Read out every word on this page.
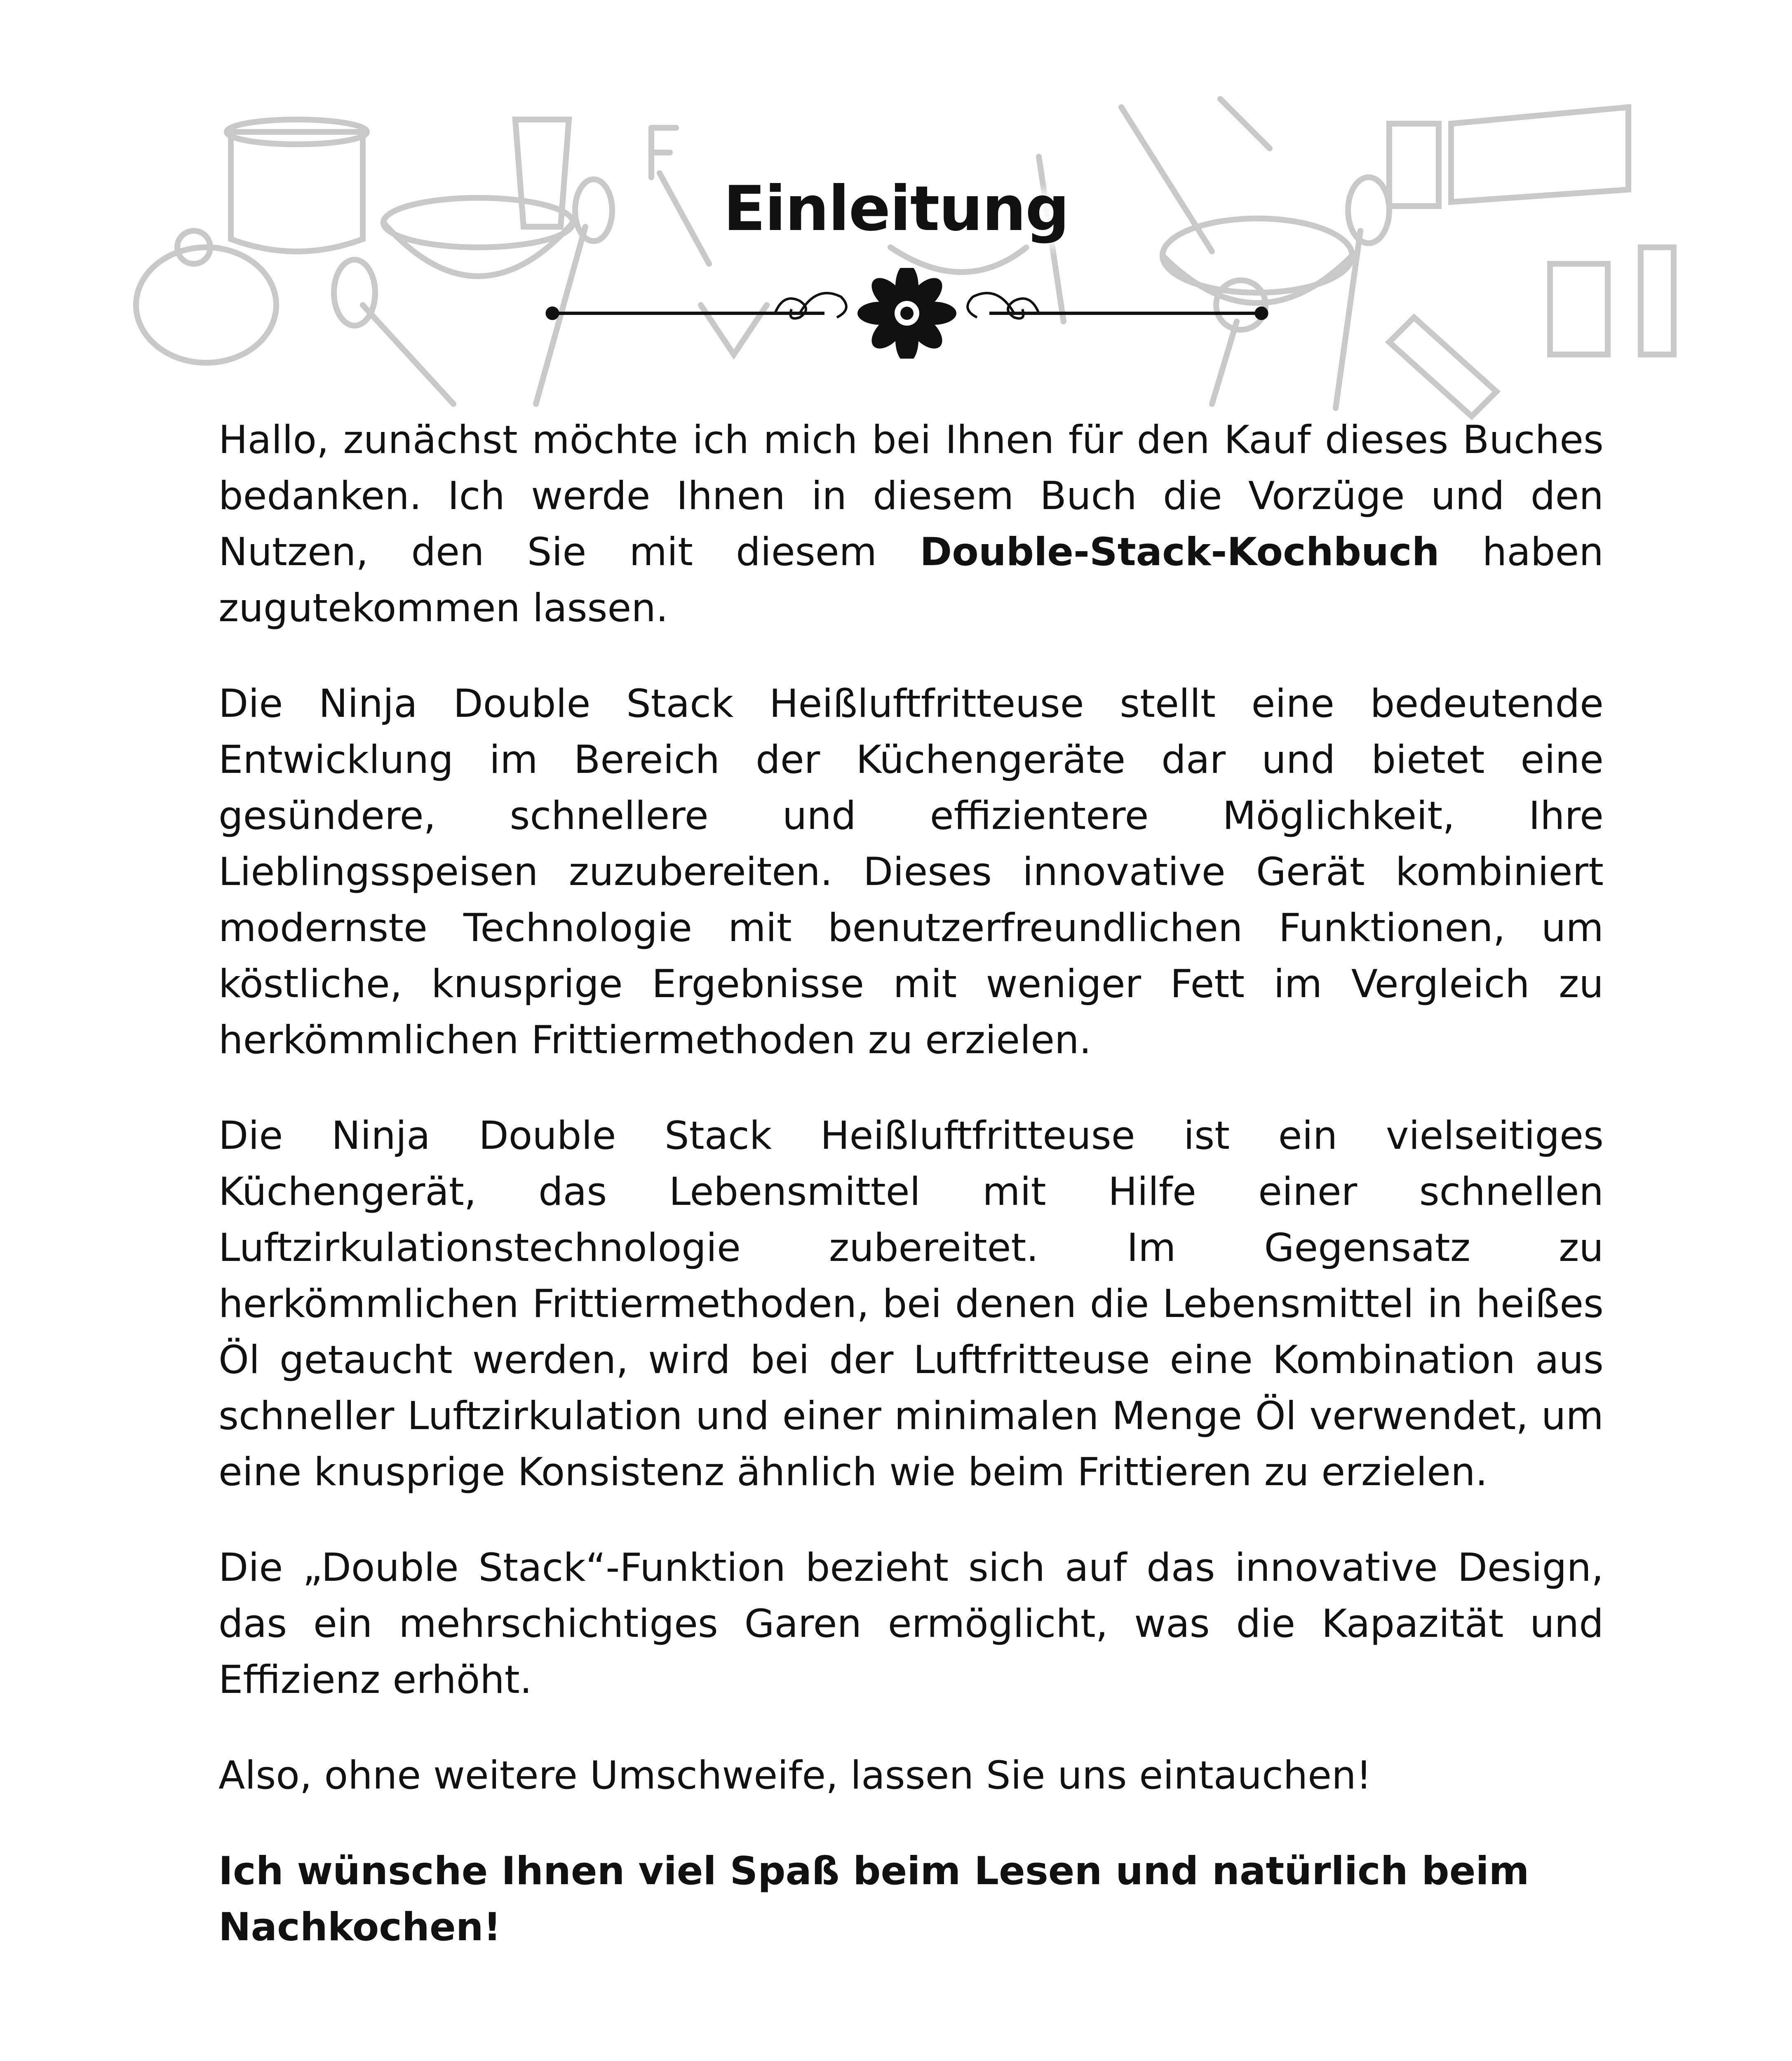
Einleitung

Hallo, zunächst möchte ich mich bei Ihnen für den Kauf dieses Buches bedanken. Ich werde Ihnen in diesem Buch die Vorzüge und den Nutzen, den Sie mit diesem Double-Stack-Kochbuch haben zugutekommen lassen.

Die Ninja Double Stack Heißluftfritteuse stellt eine bedeutende Entwicklung im Bereich der Küchengeräte dar und bietet eine gesündere, schnellere und effizientere Möglichkeit, Ihre Lieblingsspeisen zuzubereiten. Dieses innovative Gerät kombiniert modernste Technologie mit benutzerfreundlichen Funktionen, um köstliche, knusprige Ergebnisse mit weniger Fett im Vergleich zu herkömmlichen Frittiermethoden zu erzielen.

Die Ninja Double Stack Heißluftfritteuse ist ein vielseitiges Küchengerät, das Lebensmittel mit Hilfe einer schnellen Luftzirkulationstechnologie zubereitet. Im Gegensatz zu herkömmlichen Frittiermethoden, bei denen die Lebensmittel in heißes Öl getaucht werden, wird bei der Luftfritteuse eine Kombination aus schneller Luftzirkulation und einer minimalen Menge Öl verwendet, um eine knusprige Konsistenz ähnlich wie beim Frittieren zu erzielen.

Die „Double Stack“-Funktion bezieht sich auf das innovative Design, das ein mehrschichtiges Garen ermöglicht, was die Kapazität und Effizienz erhöht.

Also, ohne weitere Umschweife, lassen Sie uns eintauchen!

Ich wünsche Ihnen viel Spaß beim Lesen und natürlich beim Nachkochen!
